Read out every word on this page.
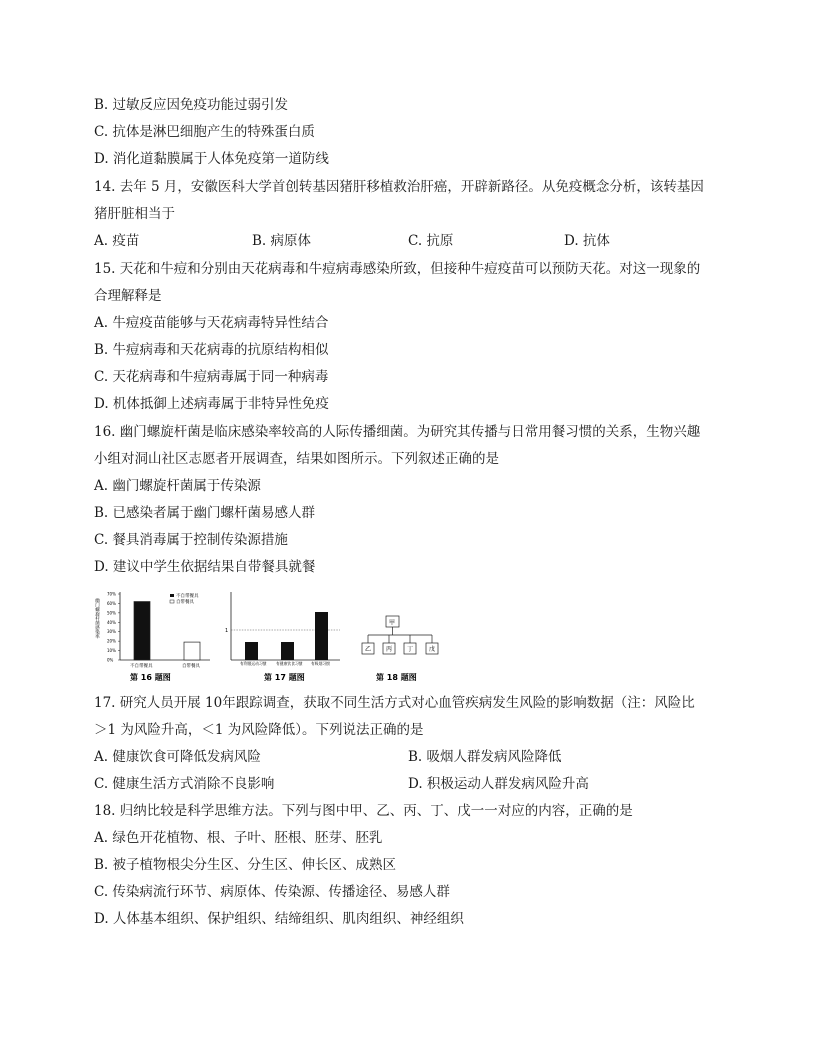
B. 过敏反应因免疫功能过弱引发
C. 抗体是淋巴细胞产生的特殊蛋白质
D. 消化道黏膜属于人体免疫第一道防线
14. 去年 5 月，安徽医科大学首创转基因猪肝移植救治肝癌，开辟新路径。从免疫概念分析，该转基因
猪肝脏相当于
A. 疫苗	B. 病原体	C. 抗原	D. 抗体
15. 天花和牛痘和分别由天花病毒和牛痘病毒感染所致，但接种牛痘疫苗可以预防天花。对这一现象的
合理解释是
A. 牛痘疫苗能够与天花病毒特异性结合
B. 牛痘病毒和天花病毒的抗原结构相似
C. 天花病毒和牛痘病毒属于同一种病毒
D. 机体抵御上述病毒属于非特异性免疫
16. 幽门螺旋杆菌是临床感染率较高的人际传播细菌。为研究其传播与日常用餐习惯的关系，生物兴趣
小组对洞山社区志愿者开展调查，结果如图所示。下列叙述正确的是
A. 幽门螺旋杆菌属于传染源
B. 已感染者属于幽门螺杆菌易感人群
C. 餐具消毒属于控制传染源措施
D. 建议中学生依据结果自带餐具就餐
幽门螺旋杆菌感染率
70%
60%
50%
40%
30%
20%
10%
0%
不自带餐具
自带餐具
不自带餐具	自带餐具
第 16 题图
1
有利锻运动习惯 有健康饮食习惯 有吸烟习惯
第 17 题图
甲
乙 丙 丁	戊
第 18 题图
17. 研究人员开展 10年跟踪调查，获取不同生活方式对心血管疾病发生风险的影响数据（注：风险比
＞1 为风险升高，＜1 为风险降低）。下列说法正确的是
A. 健康饮食可降低发病风险	B. 吸烟人群发病风险降低
C. 健康生活方式消除不良影响	D. 积极运动人群发病风险升高
18. 归纳比较是科学思维方法。下列与图中甲、乙、丙、丁、戊一一对应的内容，正确的是
A. 绿色开花植物、根、子叶、胚根、胚芽、胚乳
B. 被子植物根尖分生区、分生区、伸长区、成熟区
C. 传染病流行环节、病原体、传染源、传播途径、易感人群
D. 人体基本组织、保护组织、结缔组织、肌肉组织、神经组织
